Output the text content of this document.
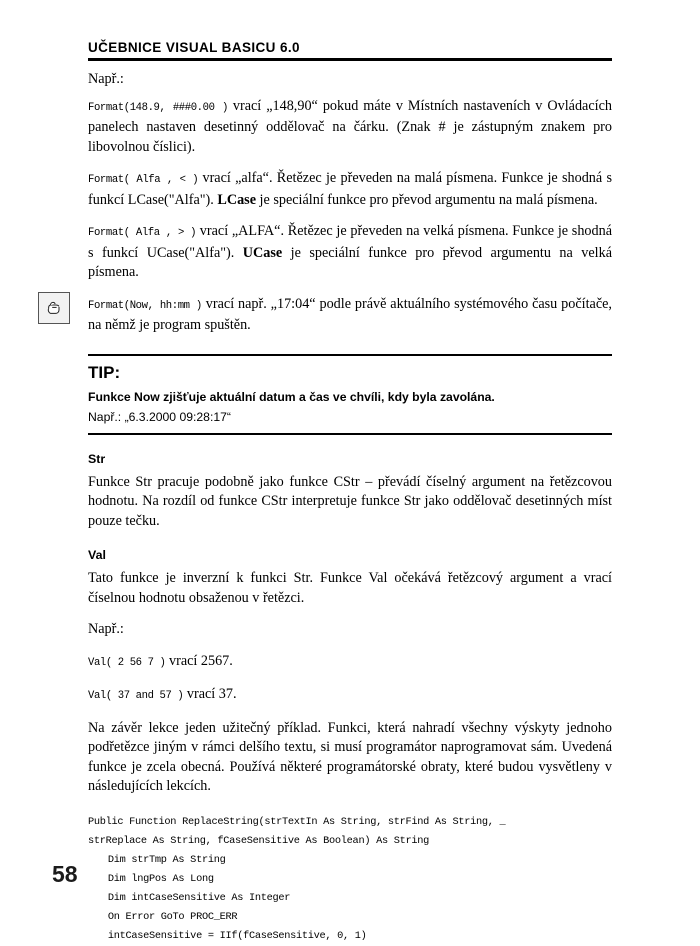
UČEBNICE VISUAL BASICU 6.0

Např.:

Format(148.9, ###0.00 ) vrací „148,90“ pokud máte v Místních nastaveních v Ovládacích panelech nastaven desetinný oddělovač na čárku. (Znak # je zástupným znakem pro libovolnou číslici).

Format( Alfa , < ) vrací „alfa“. Řetězec je převeden na malá písmena. Funkce je shodná s funkcí LCase("Alfa"). LCase je speciální funkce pro převod argumentu na malá písmena.

Format( Alfa , > ) vrací „ALFA“. Řetězec je převeden na velká písmena. Funkce je shodná s funkcí UCase("Alfa"). UCase je speciální funkce pro převod argumentu na velká písmena.

Format(Now, hh:mm ) vrací např. „17:04“ podle právě aktuálního systémového času počítače, na němž je program spuštěn.

TIP:
Funkce Now zjišťuje aktuální datum a čas ve chvíli, kdy byla zavolána.
Např.: „6.3.2000 09:28:17“

Str

Funkce Str pracuje podobně jako funkce CStr – převádí číselný argument na řetězcovou hodnotu. Na rozdíl od funkce CStr interpretuje funkce Str jako oddělovač desetinných míst pouze tečku.

Val

Tato funkce je inverzní k funkci Str. Funkce Val očekává řetězcový argument a vrací číselnou hodnotu obsaženou v řetězci.

Např.:

Val( 2 56 7 ) vrací 2567.

Val( 37 and 57 ) vrací 37.

Na závěr lekce jeden užitečný příklad. Funkci, která nahradí všechny výskyty jednoho podřetězce jiným v rámci delšího textu, si musí programátor naprogramovat sám. Uvedená funkce je zcela obecná. Používá některé programátorské obraty, které budou vysvětleny v následujících lekcích.

Public Function ReplaceString(strTextIn As String, strFind As String, _
strReplace As String, fCaseSensitive As Boolean) As String
Dim strTmp As String
Dim lngPos As Long
Dim intCaseSensitive As Integer
On Error GoTo PROC_ERR
intCaseSensitive = IIf(fCaseSensitive, 0, 1)
58
